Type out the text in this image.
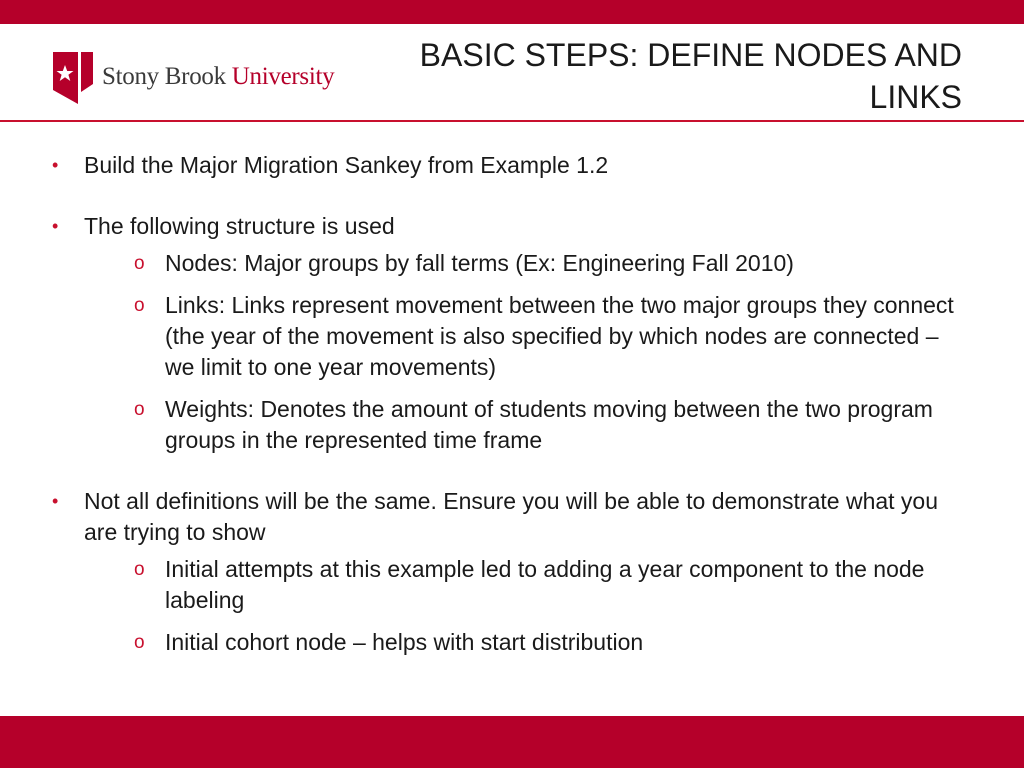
Stony Brook University
BASIC STEPS: DEFINE NODES AND LINKS
• Build the Major Migration Sankey from Example 1.2
• The following structure is used
o Nodes: Major groups by fall terms (Ex: Engineering Fall 2010)
o Links: Links represent movement between the two major groups they connect (the year of the movement is also specified by which nodes are connected – we limit to one year movements)
o Weights: Denotes the amount of students moving between the two program groups in the represented time frame
• Not all definitions will be the same. Ensure you will be able to demonstrate what you are trying to show
o Initial attempts at this example led to adding a year component to the node labeling
o Initial cohort node – helps with start distribution
